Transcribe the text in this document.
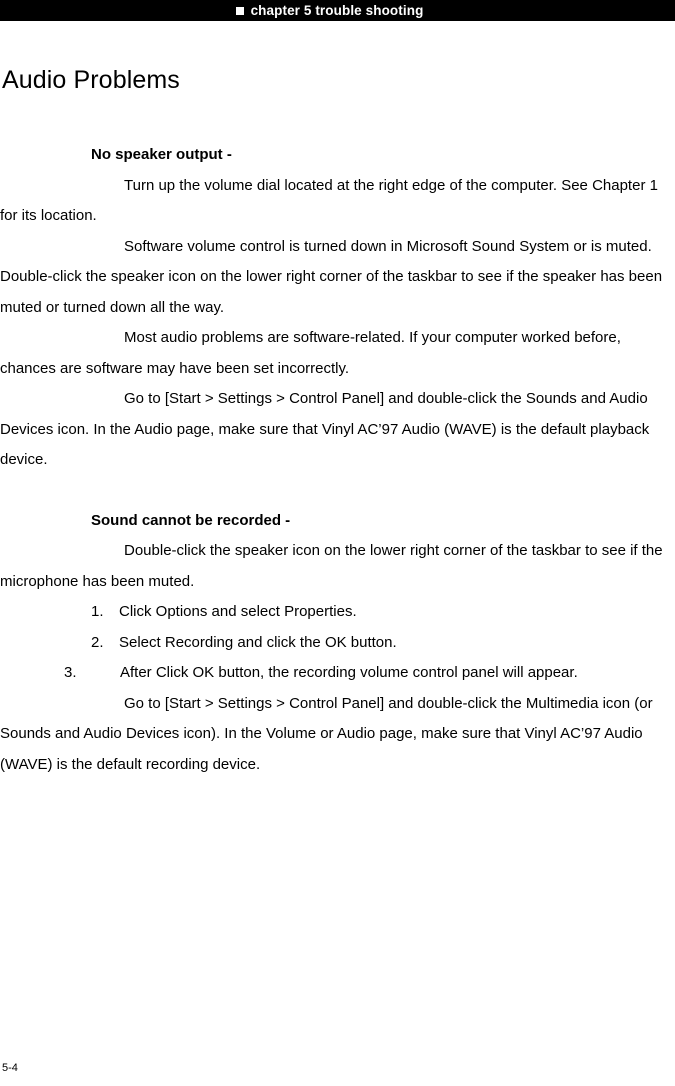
chapter 5 trouble shooting
Audio Problems
No speaker output -

Turn up the volume dial located at the right edge of the computer. See Chapter 1 for its location.

Software volume control is turned down in Microsoft Sound System or is muted. Double-click the speaker icon on the lower right corner of the taskbar to see if the speaker has been muted or turned down all the way.

Most audio problems are software-related. If your computer worked before, chances are software may have been set incorrectly.

Go to [Start > Settings > Control Panel] and double-click the Sounds and Audio Devices icon. In the Audio page, make sure that Vinyl AC’97 Audio (WAVE) is the default playback device.

Sound cannot be recorded -

Double-click the speaker icon on the lower right corner of the taskbar to see if the microphone has been muted.

1. Click Options and select Properties.

2. Select Recording and click the OK button.

3.	After Click OK button, the recording volume control panel will appear.

Go to [Start > Settings > Control Panel] and double-click the Multimedia icon (or Sounds and Audio Devices icon). In the Volume or Audio page, make sure that Vinyl AC’97 Audio (WAVE) is the default recording device.

5-4
